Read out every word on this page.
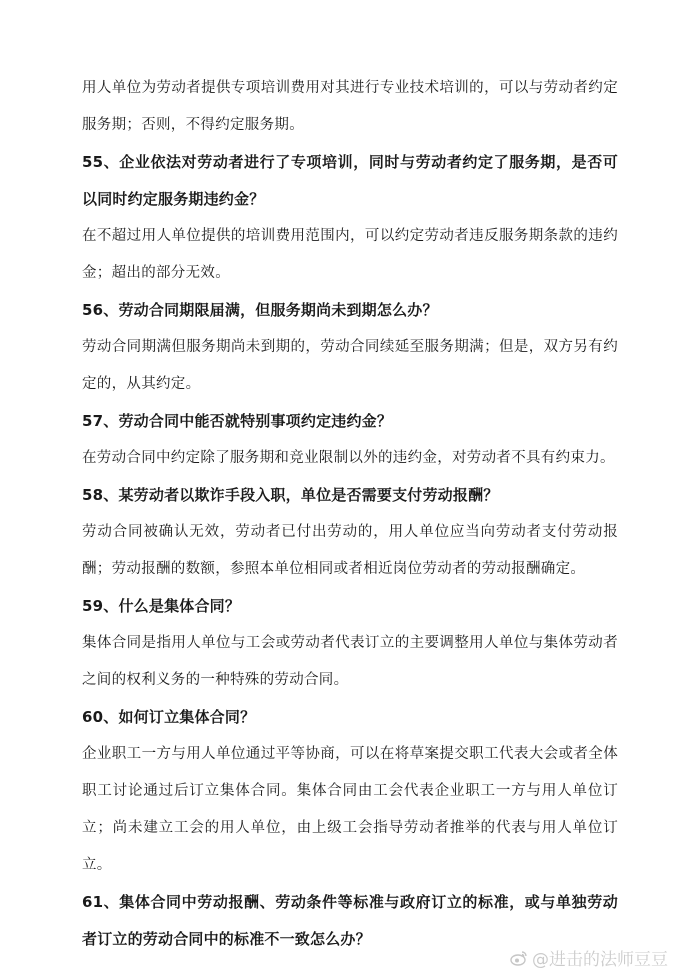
用人单位为劳动者提供专项培训费用对其进行专业技术培训的，可以与劳动者约定服务期；否则，不得约定服务期。

55、企业依法对劳动者进行了专项培训，同时与劳动者约定了服务期，是否可以同时约定服务期违约金？

在不超过用人单位提供的培训费用范围内，可以约定劳动者违反服务期条款的违约金；超出的部分无效。

56、劳动合同期限届满，但服务期尚未到期怎么办？

劳动合同期满但服务期尚未到期的，劳动合同续延至服务期满；但是，双方另有约定的，从其约定。

57、劳动合同中能否就特别事项约定违约金？

在劳动合同中约定除了服务期和竞业限制以外的违约金，对劳动者不具有约束力。

58、某劳动者以欺诈手段入职，单位是否需要支付劳动报酬？

劳动合同被确认无效，劳动者已付出劳动的，用人单位应当向劳动者支付劳动报酬；劳动报酬的数额，参照本单位相同或者相近岗位劳动者的劳动报酬确定。

59、什么是集体合同？

集体合同是指用人单位与工会或劳动者代表订立的主要调整用人单位与集体劳动者之间的权利义务的一种特殊的劳动合同。

60、如何订立集体合同？

企业职工一方与用人单位通过平等协商，可以在将草案提交职工代表大会或者全体职工讨论通过后订立集体合同。集体合同由工会代表企业职工一方与用人单位订立；尚未建立工会的用人单位，由上级工会指导劳动者推举的代表与用人单位订立。

61、集体合同中劳动报酬、劳动条件等标准与政府订立的标准，或与单独劳动者订立的劳动合同中的标准不一致怎么办？

@进击的法师豆豆
